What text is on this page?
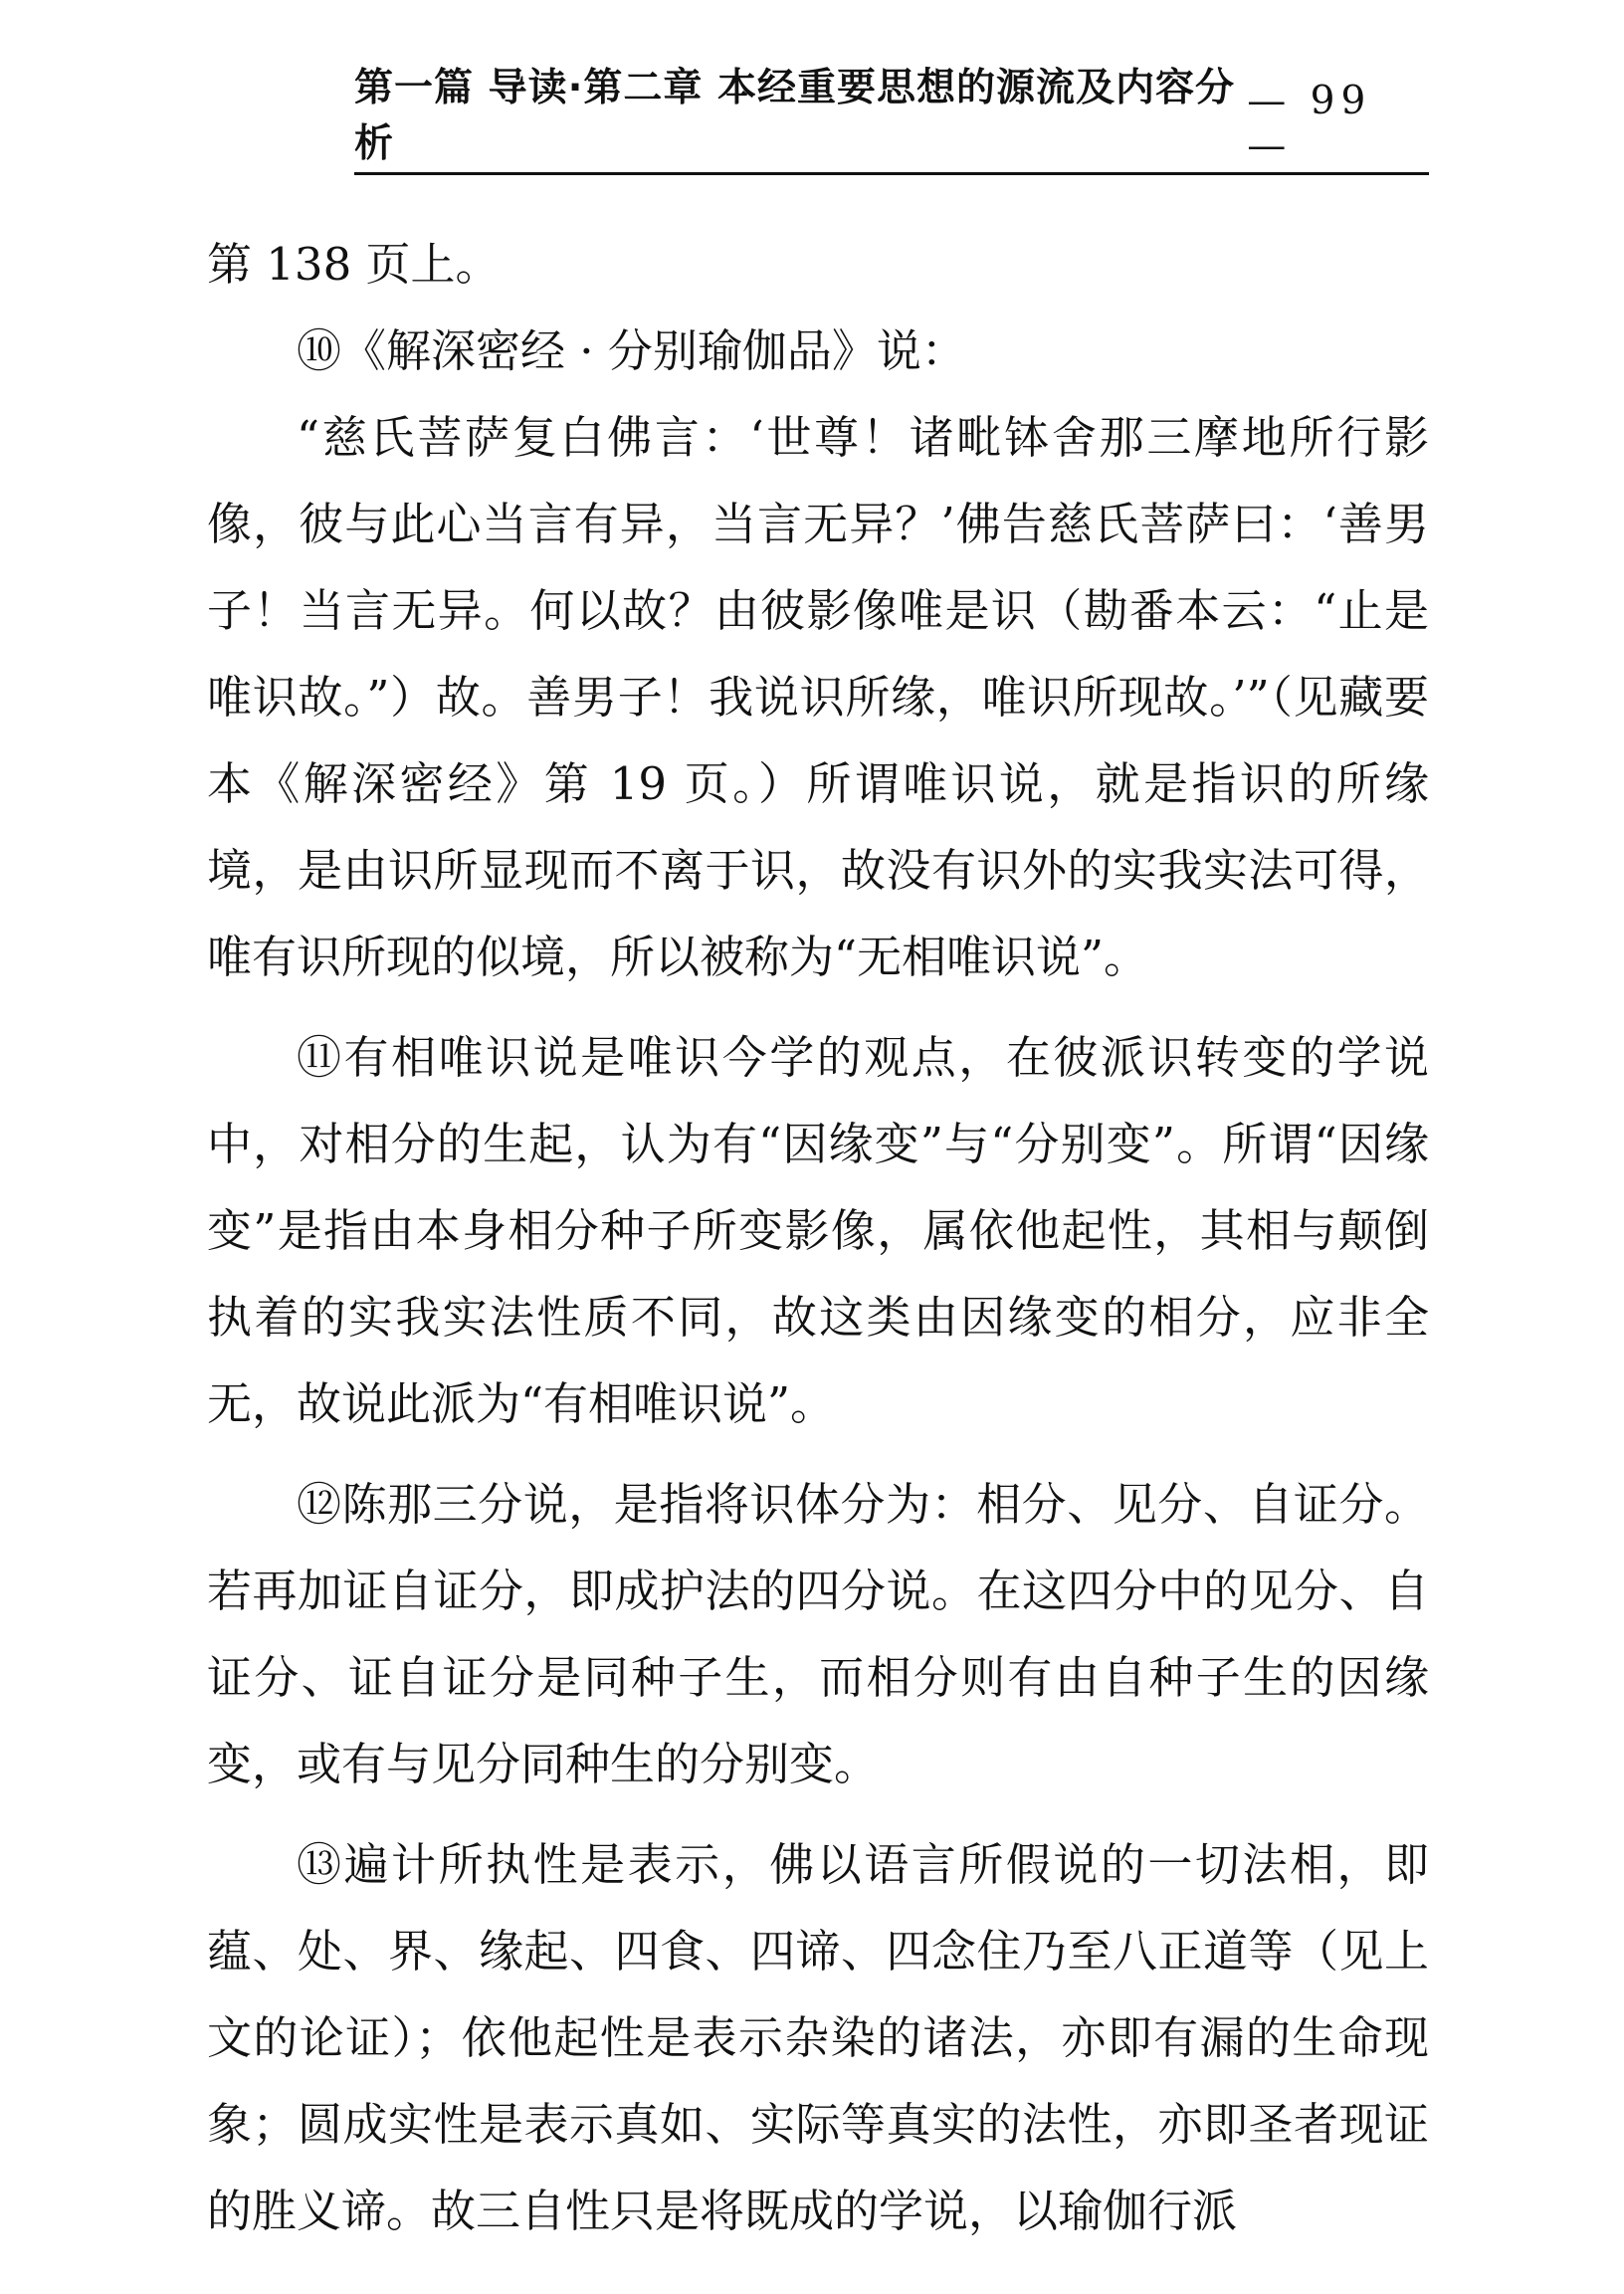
第一篇 导读·第二章 本经重要思想的源流及内容分析
— 99 —

第 138 页上。

⑩《解深密经 · 分别瑜伽品》说：

“慈氏菩萨复白佛言：‘世尊！诸毗钵舍那三摩地所行影像，彼与此心当言有异，当言无异？’佛告慈氏菩萨曰：‘善男子！当言无异。何以故？由彼影像唯是识（勘番本云：“止是唯识故。”）故。善男子！我说识所缘，唯识所现故。’”（见藏要本《解深密经》第 19 页。）所谓唯识说，就是指识的所缘境，是由识所显现而不离于识，故没有识外的实我实法可得，唯有识所现的似境，所以被称为“无相唯识说”。

⑪有相唯识说是唯识今学的观点，在彼派识转变的学说中，对相分的生起，认为有“因缘变”与“分别变”。所谓“因缘变”是指由本身相分种子所变影像，属依他起性，其相与颠倒执着的实我实法性质不同，故这类由因缘变的相分，应非全无，故说此派为“有相唯识说”。

⑫陈那三分说，是指将识体分为：相分、见分、自证分。若再加证自证分，即成护法的四分说。在这四分中的见分、自证分、证自证分是同种子生，而相分则有由自种子生的因缘变，或有与见分同种生的分别变。

⑬遍计所执性是表示，佛以语言所假说的一切法相，即蕴、处、界、缘起、四食、四谛、四念住乃至八正道等（见上文的论证）；依他起性是表示杂染的诸法，亦即有漏的生命现象；圆成实性是表示真如、实际等真实的法性，亦即圣者现证的胜义谛。故三自性只是将既成的学说，以瑜伽行派
